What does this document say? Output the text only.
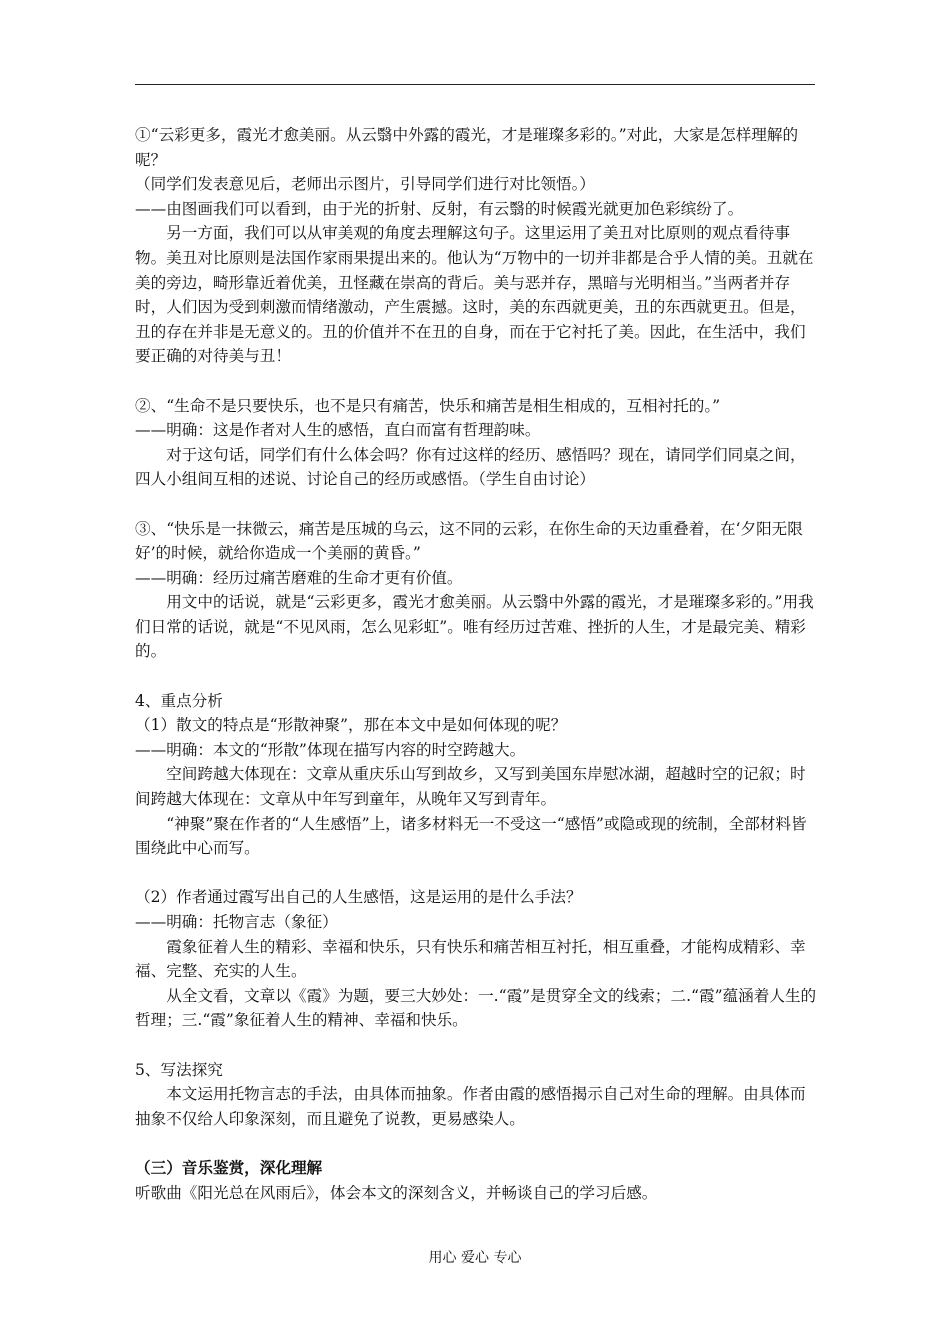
①“云彩更多，霞光才愈美丽。从云翳中外露的霞光，才是璀璨多彩的。”对此，大家是怎样理解的呢？

（同学们发表意见后，老师出示图片，引导同学们进行对比领悟。）

——由图画我们可以看到，由于光的折射、反射，有云翳的时候霞光就更加色彩缤纷了。

另一方面，我们可以从审美观的角度去理解这句子。这里运用了美丑对比原则的观点看待事物。美丑对比原则是法国作家雨果提出来的。他认为“万物中的一切并非都是合乎人情的美。丑就在美的旁边，畸形靠近着优美，丑怪藏在崇高的背后。美与恶并存，黑暗与光明相当。”当两者并存时，人们因为受到刺激而情绪激动，产生震撼。这时，美的东西就更美，丑的东西就更丑。但是，丑的存在并非是无意义的。丑的价值并不在丑的自身，而在于它衬托了美。因此，在生活中，我们要正确的对待美与丑！

②、“生命不是只要快乐，也不是只有痛苦，快乐和痛苦是相生相成的，互相衬托的。”

——明确：这是作者对人生的感悟，直白而富有哲理韵味。

对于这句话，同学们有什么体会吗？你有过这样的经历、感悟吗？现在，请同学们同桌之间，四人小组间互相的述说、讨论自己的经历或感悟。（学生自由讨论）

③、“快乐是一抹微云，痛苦是压城的乌云，这不同的云彩，在你生命的天边重叠着，在‘夕阳无限好’的时候，就给你造成一个美丽的黄昏。”

——明确：经历过痛苦磨难的生命才更有价值。

用文中的话说，就是“云彩更多，霞光才愈美丽。从云翳中外露的霞光，才是璀璨多彩的。”用我们日常的话说，就是“不见风雨，怎么见彩虹”。唯有经历过苦难、挫折的人生，才是最完美、精彩的。

4、重点分析

（1）散文的特点是“形散神聚”，那在本文中是如何体现的呢？

——明确：本文的“形散”体现在描写内容的时空跨越大。

空间跨越大体现在：文章从重庆乐山写到故乡，又写到美国东岸慰冰湖，超越时空的记叙；时间跨越大体现在：文章从中年写到童年，从晚年又写到青年。

“神聚”聚在作者的“人生感悟”上，诸多材料无一不受这一“感悟”或隐或现的统制，全部材料皆围绕此中心而写。

（2）作者通过霞写出自己的人生感悟，这是运用的是什么手法？

——明确：托物言志（象征）

霞象征着人生的精彩、幸福和快乐，只有快乐和痛苦相互衬托，相互重叠，才能构成精彩、幸福、完整、充实的人生。

从全文看，文章以《霞》为题，要三大妙处：一.“霞”是贯穿全文的线索；二.“霞”蕴涵着人生的哲理；三.“霞”象征着人生的精神、幸福和快乐。

5、写法探究

本文运用托物言志的手法，由具体而抽象。作者由霞的感悟揭示自己对生命的理解。由具体而抽象不仅给人印象深刻，而且避免了说教，更易感染人。

（三）音乐鉴赏，深化理解

听歌曲《阳光总在风雨后》，体会本文的深刻含义，并畅谈自己的学习后感。

用心 爱心 专心
